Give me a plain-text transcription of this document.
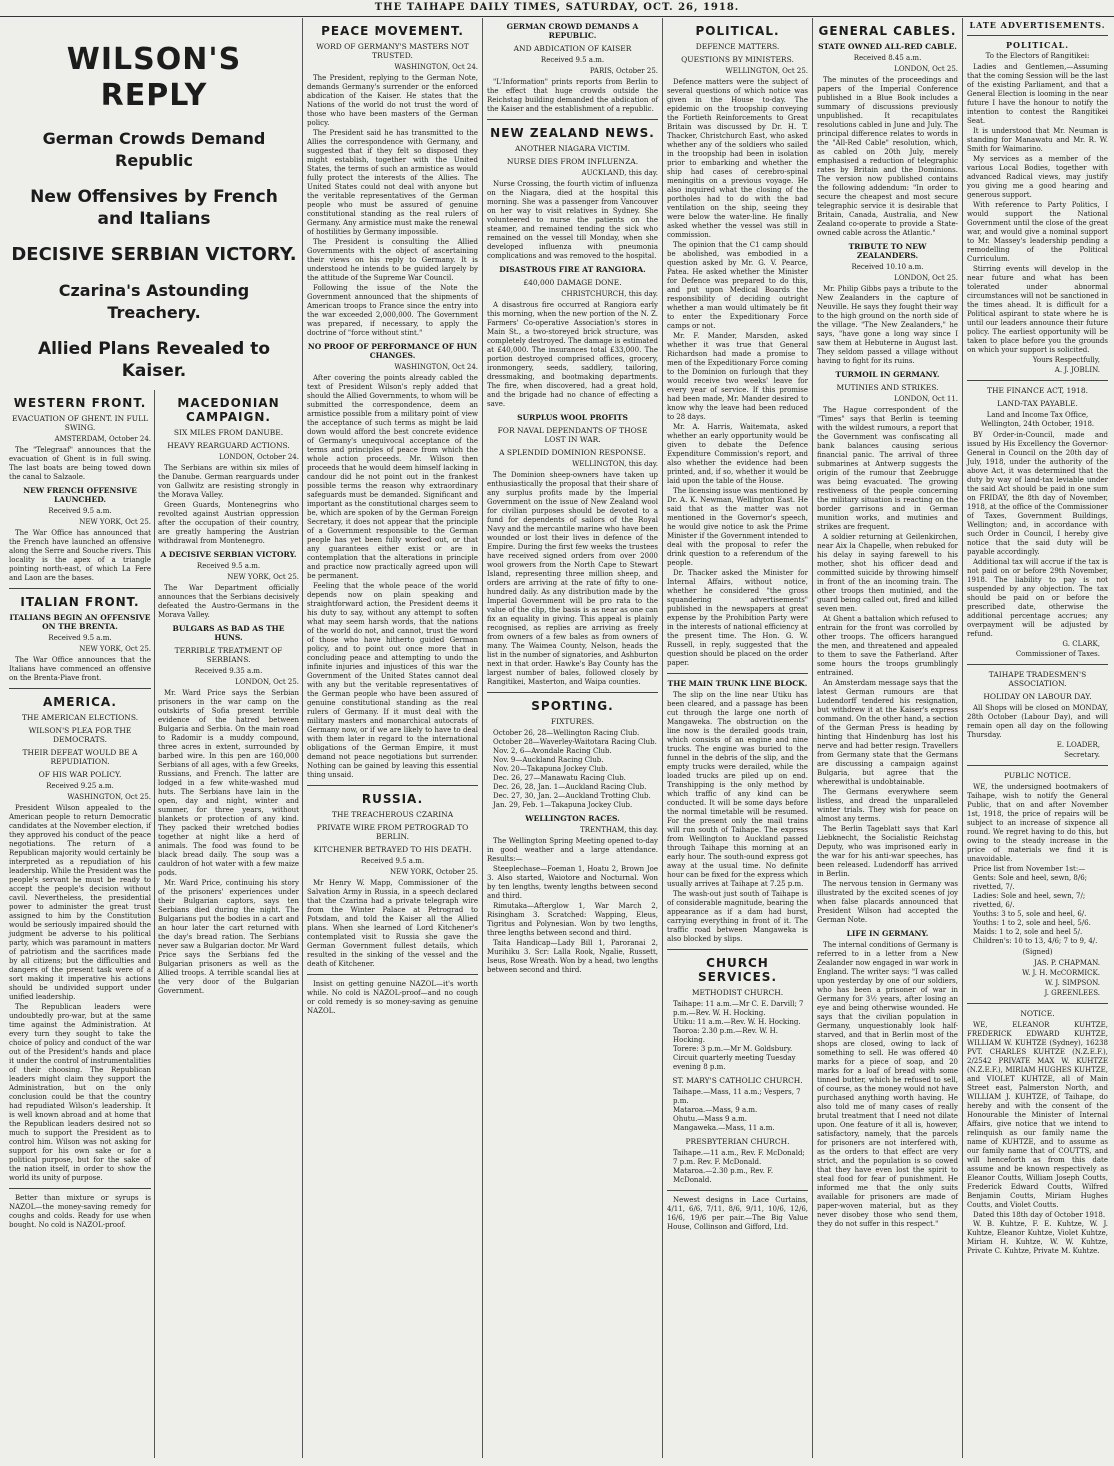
THE TAIHAPE DAILY TIMES, SATURDAY, OCT. 26, 1918.
WILSON'S REPLY
German Crowds Demand Republic
New Offensives by French and Italians
DECISIVE SERBIAN VICTORY.
Czarina's Astounding Treachery.
Allied Plans Revealed to Kaiser.
WESTERN FRONT.
EVACUATION OF GHENT. IN FULL SWING.
AMSTERDAM, October 24.

The "Telegraaf" announces that the evacuation of Ghent is in full swing. The last boats are being towed down the canal to Salzaole.

NEW FRENCH OFFENSIVE LAUNCHED.
Received 9.5 a.m.
NEW YORK, Oct 25.

The War Office has announced that the French have launched an offensive along the Serre and Souche rivers. This locality is the apex of a triangle pointing north-east, of which La Fere and Laon are the bases.

ITALIAN FRONT.
ITALIANS BEGIN AN OFFENSIVE ON THE BRENTA.
Received 9.5 a.m.
NEW YORK, Oct 25.

The War Office announces that the Italians have commenced an offensive on the Brenta-Piave front.

AMERICA.
THE AMERICAN ELECTIONS.
WILSON'S PLEA FOR THE DEMOCRATS.
THEIR DEFEAT WOULD BE A REPUDIATION.
OF HIS WAR POLICY.
Received 9.25 a.m.
WASHINGTON, Oct 25.

President Wilson appealed to the American people to return Democratic candidates at the November election, if they approved his conduct of the peace negotiations. The return of a Republican majority would certainly be interpreted as a repudiation of his leadership. While the President was the people's servant he must be ready to accept the people's decision without cavil. Nevertheless, the presidential power to administer the great trust assigned to him by the Constitution would be seriously impaired should the judgment be adverse to his political party, which was paramount in matters of patriotism and the sacrifices made by all citizens; but the difficulties and dangers of the present task were of a sort making it imperative his actions should be undivided support under unified leadership.

The Republican leaders were undoubtedly pro-war, but at the same time against the Administration. At every turn they sought to take the choice of policy and conduct of the war out of the President's hands and place it under the control of instrumentalities of their choosing. The Republican leaders might claim they support the Administration, but on the only conclusion could be that the country had repudiated Wilson's leadership. It is well known abroad and at home that the Republican leaders desired not so much to support the President as to control him. Wilson was not asking for support for his own sake or for a political purpose, but for the sake of the nation itself, in order to show the world its unity of purpose.

Better than mixture or syrups is NAZOL—the money-saving remedy for coughs and colds. Ready for use when bought. No cold is NAZOL-proof.

MACEDONIAN CAMPAIGN.
SIX MILES FROM DANUBE.
HEAVY REARGUARD ACTIONS.
LONDON, October 24.

The Serbians are within six miles of the Danube. German rearguards under von Gallwitz are resisting strongly in the Morava Valley.

Green Guards, Montenegrins who revolted against Austrian oppression after the occupation of their country, are greatly hampering the Austrian withdrawal from Montenegro.

A DECISIVE SERBIAN VICTORY.
Received 9.5 a.m.
NEW YORK, Oct 25.

The War Department officially announces that the Serbians decisively defeated the Austro-Germans in the Morava Valley.

BULGARS AS BAD AS THE HUNS.
TERRIBLE TREATMENT OF SERBIANS.
Received 9.35 a.m.
LONDON, Oct 25.

Mr. Ward Price says the Serbian prisoners in the war camp on the outskirts of Sofia present terrible evidence of the hatred between Bulgaria and Serbia. On the main road to Radomir is a muddy compound, three acres in extent, surrounded by barbed wire. In this pen are 160,000 Serbians of all ages, with a few Greeks, Russians, and French. The latter are lodged in a few white-washed mud huts. The Serbians have lain in the open, day and night, winter and summer, for three years, without blankets or protection of any kind. They packed their wretched bodies together at night like a herd of animals. The food was found to be black bread daily. The soup was a cauldron of hot water with a few maize pods.

Mr. Ward Price, continuing his story of the prisoners' experiences under their Bulgarian captors, says ten Serbians died during the night. The Bulgarians put the bodies in a cart and an hour later the cart returned with the day's bread ration. The Serbians never saw a Bulgarian doctor. Mr Ward Price says the Serbians fed the Bulgarian prisoners as well as the Allied troops. A terrible scandal lies at the very door of the Bulgarian Government.

PEACE MOVEMENT.
WORD OF GERMANY'S MASTERS NOT TRUSTED.
WASHINGTON, Oct 24.

The President, replying to the German Note, demands Germany's surrender or the enforced abdication of the Kaiser. He states that the Nations of the world do not trust the word of those who have been masters of the German policy.

The President said he has transmitted to the Allies the correspondence with Germany, and suggested that if they felt so disposed they might establish, together with the United States, the terms of such an armistice as would fully protect the interests of the Allies. The United States could not deal with anyone but the veritable representatives of the German people who must be assured of genuine constitutional standing as the real rulers of Germany. Any armistice must make the renewal of hostilities by Germany impossible.

The President is consulting the Allied Governments with the object of ascertaining their views on his reply to Germany. It is understood he intends to be guided largely by the attitude of the Supreme War Council.

Following the issue of the Note the Government announced that the shipments of American troops to France since the entry into the war exceeded 2,000,000. The Government was prepared, if necessary, to apply the doctrine of "force without stint."

NO PROOF OF PERFORMANCE OF HUN CHANGES.
WASHINGTON, Oct 24.

After covering the points already cabled the text of President Wilson's reply added that should the Allied Governments, to whom will be submitted the correspondence, deem an armistice possible from a military point of view the acceptance of such terms as might be laid down would afford the best concrete evidence of Germany's unequivocal acceptance of the terms and principles of peace from which the whole action proceeds. Mr. Wilson then proceeds that he would deem himself lacking in candour did he not point out in the frankest possible terms the reason why extraordinary safeguards must be demanded. Significant and important as the constitutional charges seem to be, which are spoken of by the German Foreign Secretary, it does not appear that the principle of a Government responsible to the German people has yet been fully worked out, or that any guarantees either exist or are in contemplation that the alterations in principle and practice now practically agreed upon will be permanent.

Feeling that the whole peace of the world depends now on plain speaking and straightforward action, the President deems it his duty to say, without any attempt to soften what may seem harsh words, that the nations of the world do not, and cannot, trust the word of those who have hitherto guided German policy, and to point out once more that in concluding peace and attempting to undo the infinite injuries and injustices of this war the Government of the United States cannot deal with any but the veritable representatives of the German people who have been assured of genuine constitutional standing as the real rulers of Germany. If it must deal with the military masters and monarchical autocrats of Germany now, or if we are likely to have to deal with them later in regard to the international obligations of the German Empire, it must demand not peace negotiations but surrender. Nothing can be gained by leaving this essential thing unsaid.

RUSSIA.
THE TREACHEROUS CZARINA
PRIVATE WIRE FROM PETROGRAD TO BERLIN.
KITCHENER BETRAYED TO HIS DEATH.
Received 9.5 a.m.
NEW YORK, October 25.

Mr Henry W. Mapp, Commissioner of the Salvation Army in Russia, in a speech declared that the Czarina had a private telegraph wire from the Winter Palace at Petrograd to Potsdam, and told the Kaiser all the Allied plans. When she learned of Lord Kitchener's contemplated visit to Russia she gave the German Government fullest details, which resulted in the sinking of the vessel and the death of Kitchener.

Insist on getting genuine NAZOL—it's worth while. No cold is NAZOL-proof—and no cough or cold remedy is so money-saving as genuine NAZOL.

GERMAN CROWD DEMANDS A REPUBLIC.
AND ABDICATION OF KAISER
Received 9.5 a.m.
PARIS, October 25.

"L'Information" prints reports from Berlin to the effect that huge crowds outside the Reichstag building demanded the abdication of the Kaiser and the establishment of a republic.

NEW ZEALAND NEWS.
ANOTHER NIAGARA VICTIM.
NURSE DIES FROM INFLUENZA.
AUCKLAND, this day.

Nurse Crossing, the fourth victim of influenza on the Niagara, died at the hospital this morning. She was a passenger from Vancouver on her way to visit relatives in Sydney. She volunteered to nurse the patients on the steamer, and remained tending the sick who remained on the vessel till Monday, when she developed influenza with pneumonia complications and was removed to the hospital.

DISASTROUS FIRE AT RANGIORA.
£40,000 DAMAGE DONE.
CHRISTCHURCH, this day.

A disastrous fire occurred at Rangiora early this morning, when the new portion of the N. Z. Farmers' Co-operative Association's stores in Main St., a two-storeyed brick structure, was completely destroyed. The damage is estimated at £40,000. The insurances total £33,000. The portion destroyed comprised offices, grocery, ironmongery, seeds, saddlery, tailoring, dressmaking, and bootmaking departments. The fire, when discovered, had a great hold, and the brigade had no chance of effecting a save.

SURPLUS WOOL PROFITS
FOR NAVAL DEPENDANTS OF THOSE LOST IN WAR.
A SPLENDID DOMINION RESPONSE.
WELLINGTON, this day.

The Dominion sheep-owners have taken up enthusiastically the proposal that their share of any surplus profits made by the Imperial Government on the issue of New Zealand wool for civilian purposes should be devoted to a fund for dependents of sailors of the Royal Navy and the mercantile marine who have been wounded or lost their lives in defence of the Empire. During the first few weeks the trustees have received signed orders from over 2000 wool growers from the North Cape to Stewart Island, representing three million sheep, and orders are arriving at the rate of fifty to one-hundred daily. As any distribution made by the Imperial Government will be pro rata to the value of the clip, the basis is as near as one can fix an equality in giving. This appeal is plainly recognised, as replies are arriving as freely from owners of a few bales as from owners of many. The Waimea County, Nelson, heads the list in the number of signatories, and Ashburton next in that order. Hawke's Bay County has the largest number of bales, followed closely by Rangitikei, Masterton, and Waipa counties.

SPORTING.
FIXTURES.
October 26, 28—Wellington Racing Club.
October 28—Waverley-Waitotara Racing Club.
Nov. 2, 6—Avondale Racing Club.
Nov. 9—Auckland Racing Club.
Nov. 20—Takapuna Jockey Club.
Dec. 26, 27—Manawatu Racing Club.
Dec. 26, 28, Jan. 1—Auckland Racing Club.
Dec. 27, 30, Jan. 2—Auckland Trotting Club.
Jan. 29, Feb. 1—Takapuna Jockey Club.
WELLINGTON RACES.
TRENTHAM, this day.

The Wellington Spring Meeting opened to-day in good weather and a large attendance. Results:—

Steeplechase—Foeman 1, Hoatu 2, Brown Joe 3. Also started, Waiotore and Nocturnal. Won by ten lengths, twenty lengths between second and third.

Rimutaka—Afterglow 1, War March 2, Risingham 3. Scratched: Wapping, Eleus, Tigritus and Polynesian. Won by two lengths, three lengths between second and third.

Taita Handicap—Lady Bill 1, Paroranai 2, Murihiku 3. Scr: Lalla Rook, Ngalie, Russett, Iseus, Rose Wreath. Won by a head, two lengths between second and third.

POLITICAL.
DEFENCE MATTERS.
QUESTIONS BY MINISTERS.
WELLINGTON, Oct 25.

Defence matters were the subject of several questions of which notice was given in the House to-day. The epidemic on the troopship conveying the Fortieth Reinforcements to Great Britain was discussed by Dr. H. T. Thacker, Christchurch East, who asked whether any of the soldiers who sailed in the troopship had been in isolation prior to embarking and whether the ship had cases of cerebro-spinal meningitis on a previous voyage. He also inquired what the closing of the portholes had to do with the bad ventilation on the ship, seeing they were below the water-line. He finally asked whether the vessel was still in commission.

The opinion that the C1 camp should be abolished, was embodied in a question asked by Mr. G. V. Pearce, Patea. He asked whether the Minister for Defence was prepared to do this, and put upon Medical Boards the responsibility of deciding outright whether a man would ultimately be fit to enter the Expeditionary Force camps or not.

Mr. F. Mander, Marsden, asked whether it was true that General Richardson had made a promise to men of the Expeditionary Force coming to the Dominion on furlough that they would receive two weeks' leave for every year of service. If this promise had been made, Mr. Mander desired to know why the leave had been reduced to 28 days.

Mr. A. Harris, Waitemata, asked whether an early opportunity would be given to debate the Defence Expenditure Commission's report, and also whether the evidence had been printed, and, if so, whether it would be laid upon the table of the House.

The licensing issue was mentioned by Dr. A. K. Newman, Wellington East. He said that as the matter was not mentioned in the Governor's speech, he would give notice to ask the Prime Minister if the Government intended to deal with the proposal to refer the drink question to a referendum of the people.

Dr. Thacker asked the Minister for Internal Affairs, without notice, whether he considered "the gross squandering advertisements" published in the newspapers at great expense by the Prohibition Party were in the interests of national efficiency at the present time. The Hon. G. W. Russell, in reply, suggested that the question should be placed on the order paper.

THE MAIN TRUNK LINE BLOCK.

The slip on the line near Utiku has been cleared, and a passage has been cut through the large one north of Mangaweka. The obstruction on the line now is the derailed goods train, which consists of an engine and nine trucks. The engine was buried to the funnel in the debris of the slip, and the empty trucks were derailed, while the loaded trucks are piled up on end. Transhipping is the only method by which traffic of any kind can be conducted. It will be some days before the normal timetable will be resumed. For the present only the mail trains will run south of Taihape. The express from Wellington to Auckland passed through Taihape this morning at an early hour. The south-ound express got away at the usual time. No definite hour can be fixed for the express which usually arrives at Taihape at 7.25 p.m.

The wash-out just south of Taihape is of considerable magnitude, bearing the appearance as if a dam had burst, carrying everything in front of it. The traffic road between Mangaweka is also blocked by slips.

CHURCH SERVICES.
METHODIST CHURCH.
Taihape: 11 a.m.—Mr C. E. Darvill; 7 p.m.—Rev. W. H. Hocking.
Utiku: 11 a.m.—Rev. W. H. Hocking.
Taoroa: 2.30 p.m.—Rev. W. H. Hocking.
Torere: 3 p.m.—Mr M. Goldsbury. Circuit quarterly meeting Tuesday evening 8 p.m.
ST. MARY'S CATHOLIC CHURCH.
Taihape.—Mass, 11 a.m.; Vespers, 7 p.m.
Mataroa.—Mass, 9 a.m.
Ohutu.—Mass 9 a.m.
Mangaweka.—Mass, 11 a.m.
PRESBYTERIAN CHURCH.
Taihape.—11 a.m., Rev. F. McDonald; 7 p.m. Rev. F. McDonald.
Mataroa.—2.30 p.m., Rev. F. McDonald.

Newest designs in Lace Curtains, 4/11, 6/6, 7/11, 8/6, 9/11, 10/6, 12/6, 16/6, 19/6 per pair.—The Big Value House, Collinson and Gifford, Ltd.

GENERAL CABLES.
STATE OWNED ALL-RED CABLE.
Received 8.45 a.m.
LONDON, Oct 25.

The minutes of the proceedings and papers of the Imperial Conference published in a Blue Book includes a summary of discussions previously unpublished. It recapitulates resolutions cabled in June and July. The principal difference relates to words in the "All-Red Cable" resolution, which, as cabled on 20th July, merely emphasised a reduction of telegraphic rates by Britain and the Dominions. The version now published contains the following addendum: "In order to secure the cheapest and most secure telegraphic service it is desirable that Britain, Canada, Australia, and New Zealand co-operate to provide a State-owned cable across the Atlantic."

TRIBUTE TO NEW ZEALANDERS.
Received 10.10 a.m.
LONDON, Oct 25.

Mr. Philip Gibbs pays a tribute to the New Zealanders in the capture of Neuville. He says they fought their way to the high ground on the north side of the village. "The New Zealanders," he says, "have gone a long way since I saw them at Hebuterne in August last. They seldom passed a village without having to fight for its ruins.

TURMOIL IN GERMANY.
MUTINIES AND STRIKES.
LONDON, Oct 11.

The Hague correspondent of the "Times" says that Berlin is teeming with the wildest rumours, a report that the Government was confiscating all bank balances causing serious financial panic. The arrival of three submarines at Antwerp suggests the origin of the rumour that Zeebrugge was being evacuated. The growing restiveness of the people concerning the military situation is reacting on the border garrisons and in German munition works, and mutinies and strikes are frequent.

A soldier returning at Geilenkirchen, near Aix la Chapelle, when rebuked for his delay in saying farewell to his mother, shot his officer dead and committed suicide by throwing himself in front of the an incoming train. The other troops then mutinied, and the guard being called out, fired and killed seven men.

At Ghent a battalion which refused to entrain for the front was corrolled by other troops. The officers harangued the men, and threatened and appealed to them to save the Fatherland. After some hours the troops grumblingly entrained.

An Amsterdam message says that the latest German rumours are that Ludendorff tendered his resignation, but withdrew it at the Kaiser's express command. On the other hand, a section of the German Press is heading by hinting that Hindenburg has lost his nerve and had better resign. Travellers from Germany state that the Germans are discussing a campaign against Bulgaria, but agree that the wherewithal is undobtainable.

The Germans everywhere seem listless, and dread the unparalleled winter trials. They wish for peace on almost any terms.

The Berlin Tageblatt says that Karl Liebknecht, the Socialistic Reichstag Deputy, who was imprisoned early in the war for his anti-war speeches, has been released. Ludendorff has arrived in Berlin.

The nervous tension in Germany was illustrated by the excited scenes of joy when false placards announced that President Wilson had accepted the German Note.

LIFE IN GERMANY.

The internal conditions of Germany is referred to in a letter from a New Zealander now engaged in war work in England. The writer says: "I was called upon yesterday by one of our soldiers, who has been a prisoner of war in Germany for 3½ years, after losing an eye and being otherwise wounded. He says that the civilian population in Germany, unquestionably look half-starved, and that in Berlin most of the shops are closed, owing to lack of something to sell. He was offered 40 marks for a piece of soap, and 20 marks for a loaf of bread with some tinned butter, which he refused to sell, of course, as the money would not have purchased anything worth having. He also told me of many cases of really brutal treatment that I need not dilate upon. One feature of it all is, however, satisfactory, namely, that the parcels for prisoners are not interfered with, as the orders to that effect are very strict, and the population is so cowed that they have even lost the spirit to steal food for fear of punishment. He informed me that the only suits available for prisoners are made of paper-woven material, but as they never disobey those who send them, they do not suffer in this respect."

LATE ADVERTISEMENTS.
POLITICAL.
To the Electors of Rangitikei:

Ladies and Gentlemen,—Assuming that the coming Session will be the last of the existing Parliament, and that a General Election is looming in the near future I have the honour to notify the intention to contest the Rangitikei Seat.

It is understood that Mr. Neuman is standing for Manawatu and Mr. R. W. Smith for Waimarino.

My services as a member of the various Local Bodies, together with advanced Radical views, may justify you giving me a good hearing and generous support.

With reference to Party Politics, I would support the National Government until the close of the great war, and would give a nominal support to Mr. Massey's leadership pending a remodelling of the Political Curriculum.

Stirring events will develop in the near future and what has been tolerated under abnormal circumstances will not be sanctioned in the times ahead. It is difficult for a Political aspirant to state where he is until our leaders announce their future policy. The earliest opportunity will be taken to place before you the grounds on which your support is solicited.

Yours Respectfully,
A. J. JOBLIN.
THE FINANCE ACT, 1918.
LAND-TAX PAYABLE.
Land and Income Tax Office, Wellington, 24th October, 1918.

BY Order-in-Council, made and issued by His Excellency the Governor-General in Council on the 20th day of July, 1918, under the authority of the above Act, it was determined that the duty by way of land-tax leviable under the said Act should be paid in one sum on FRIDAY, the 8th day of November, 1918, at the office of the Commissioner of Taxes, Government Buildings, Wellington; and, in accordance with such Order in Council, I hereby give notice that the said duty will be payable accordingly.

Additional tax will accrue if the tax is not paid on or before 29th November, 1918. The liability to pay is not suspended by any objection. The tax should be paid on or before the prescribed date, otherwise the additional percentage accrues; any overpayment will be adjusted by refund.

G. CLARK,
Commissioner of Taxes.
TAIHAPE TRADESMEN'S ASSOCIATION.
HOLIDAY ON LABOUR DAY.

All Shops will be closed on MONDAY, 28th October (Labour Day), and will remain open all day on the following Thursday.

E. LOADER,
Secretary.
PUBLIC NOTICE.

WE, the undersigned bootmakers of Taihape, wish to notify the General Public, that on and after November 1st, 1918, the price of repairs will be subject to an increase of sixpence all round. We regret having to do this, but owing to the steady increase in the price of materials we find it is unavoidable.

Price list from November 1st:—
Gents: Sole and heel, sewn, 8/6; rivetted, 7/.
Ladies: Sole and heel, sewn, 7/; rivetted, 6/.
Youths: 3 to 5, sole and heel, 6/.
Youths: 1 to 2, sole and heel, 5/6.
Maids: 1 to 2, sole and heel 5/.
Children's: 10 to 13, 4/6; 7 to 9, 4/.
(Signed)
JAS. P. CHAPMAN.
W. J. H. McCORMICK.
W. J. SIMPSON.
J. GREENLEES.
NOTICE.

WE, ELEANOR KUHTZE, FREDERICK EDWARD KUHTZE, WILLIAM W. KUHTZE (Sydney), 16238 PVT. CHARLES KUHTZE (N.Z.E.F.), 2/2542 PRIVATE MAX W. KUHTZE (N.Z.E.F.), MIRIAM HUGHES KUHTZE, and VIOLET KUHTZE, all of Main Street east, Palmerston North, and WILLIAM J. KUHTZE, of Taihape, do hereby and with the consent of the Honourable the Minister of Internal Affairs, give notice that we intend to relinquish as our family name the name of KUHTZE, and to assume as our family name that of COUTTS, and will henceforth as from this date assume and be known respectively as Eleanor Coutts, William Joseph Coutts, Frederick Edward Coutts, Wilfred Benjamin Coutts, Miriam Hughes Coutts, and Violet Coutts.

Dated this 18th day of October 1918.

W. B. Kuhtze, F. E. Kuhtze, W. J. Kuhtze, Eleanor Kuhtze, Violet Kuhtze, Miriam H. Kuhtze, W. W. Kuhtze, Private C. Kuhtze, Private M. Kuhtze.
